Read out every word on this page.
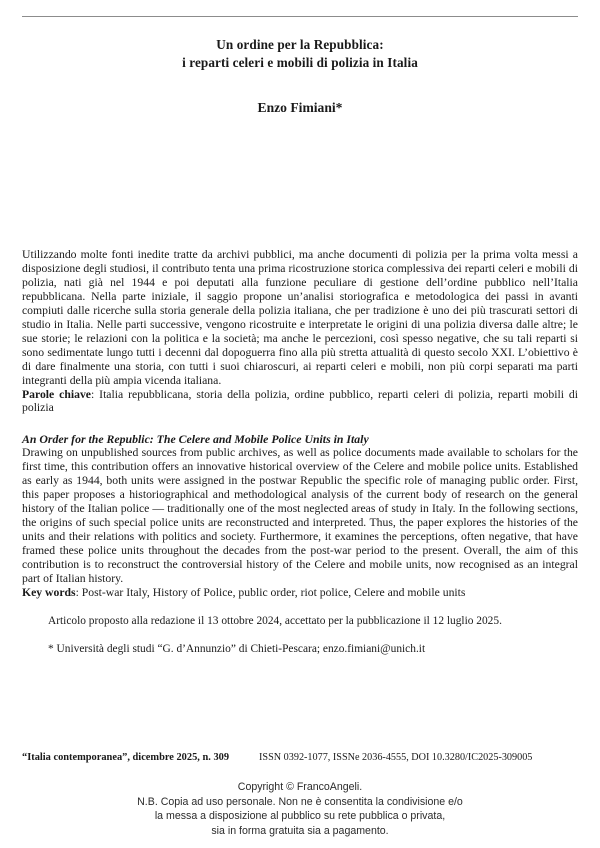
Un ordine per la Repubblica:
i reparti celeri e mobili di polizia in Italia
Enzo Fimiani*

Utilizzando molte fonti inedite tratte da archivi pubblici, ma anche documenti di polizia per la prima volta messi a disposizione degli studiosi, il contributo tenta una prima ricostruzione storica complessiva dei reparti celeri e mobili di polizia, nati già nel 1944 e poi deputati alla funzione peculiare di gestione dell’ordine pubblico nell’Italia repubblicana. Nella parte iniziale, il saggio propone un’analisi storiografica e metodologica dei passi in avanti compiuti dalle ricerche sulla storia generale della polizia italiana, che per tradizione è uno dei più trascurati settori di studio in Italia. Nelle parti successive, vengono ricostruite e interpretate le origini di una polizia diversa dalle altre; le sue storie; le relazioni con la politica e la società; ma anche le percezioni, così spesso negative, che su tali reparti si sono sedimentate lungo tutti i decenni dal dopoguerra fino alla più stretta attualità di questo secolo XXI. L’obiettivo è di dare finalmente una storia, con tutti i suoi chiaroscuri, ai reparti celeri e mobili, non più corpi separati ma parti integranti della più ampia vicenda italiana.

Parole chiave: Italia repubblicana, storia della polizia, ordine pubblico, reparti celeri di polizia, reparti mobili di polizia

An Order for the Republic: The Celere and Mobile Police Units in Italy

Drawing on unpublished sources from public archives, as well as police documents made available to scholars for the first time, this contribution offers an innovative historical overview of the Celere and mobile police units. Established as early as 1944, both units were assigned in the postwar Republic the specific role of managing public order. First, this paper proposes a historiographical and methodological analysis of the current body of research on the general history of the Italian police — traditionally one of the most neglected areas of study in Italy. In the following sections, the origins of such special police units are reconstructed and interpreted. Thus, the paper explores the histories of the units and their relations with politics and society. Furthermore, it examines the perceptions, often negative, that have framed these police units throughout the decades from the post-war period to the present. Overall, the aim of this contribution is to reconstruct the controversial history of the Celere and mobile units, now recognised as an integral part of Italian history.

Key words: Post-war Italy, History of Police, public order, riot police, Celere and mobile units

Articolo proposto alla redazione il 13 ottobre 2024, accettato per la pubblicazione il 12 luglio 2025.

* Università degli studi “G. d’Annunzio” di Chieti-Pescara; enzo.fimiani@unich.it

“Italia contemporanea”, dicembre 2025, n. 309	ISSN 0392-1077, ISSNe 2036-4555, DOI 10.3280/IC2025-309005
Copyright © FrancoAngeli.
N.B. Copia ad uso personale. Non ne è consentita la condivisione e/o
la messa a disposizione al pubblico su rete pubblica o privata,
sia in forma gratuita sia a pagamento.
